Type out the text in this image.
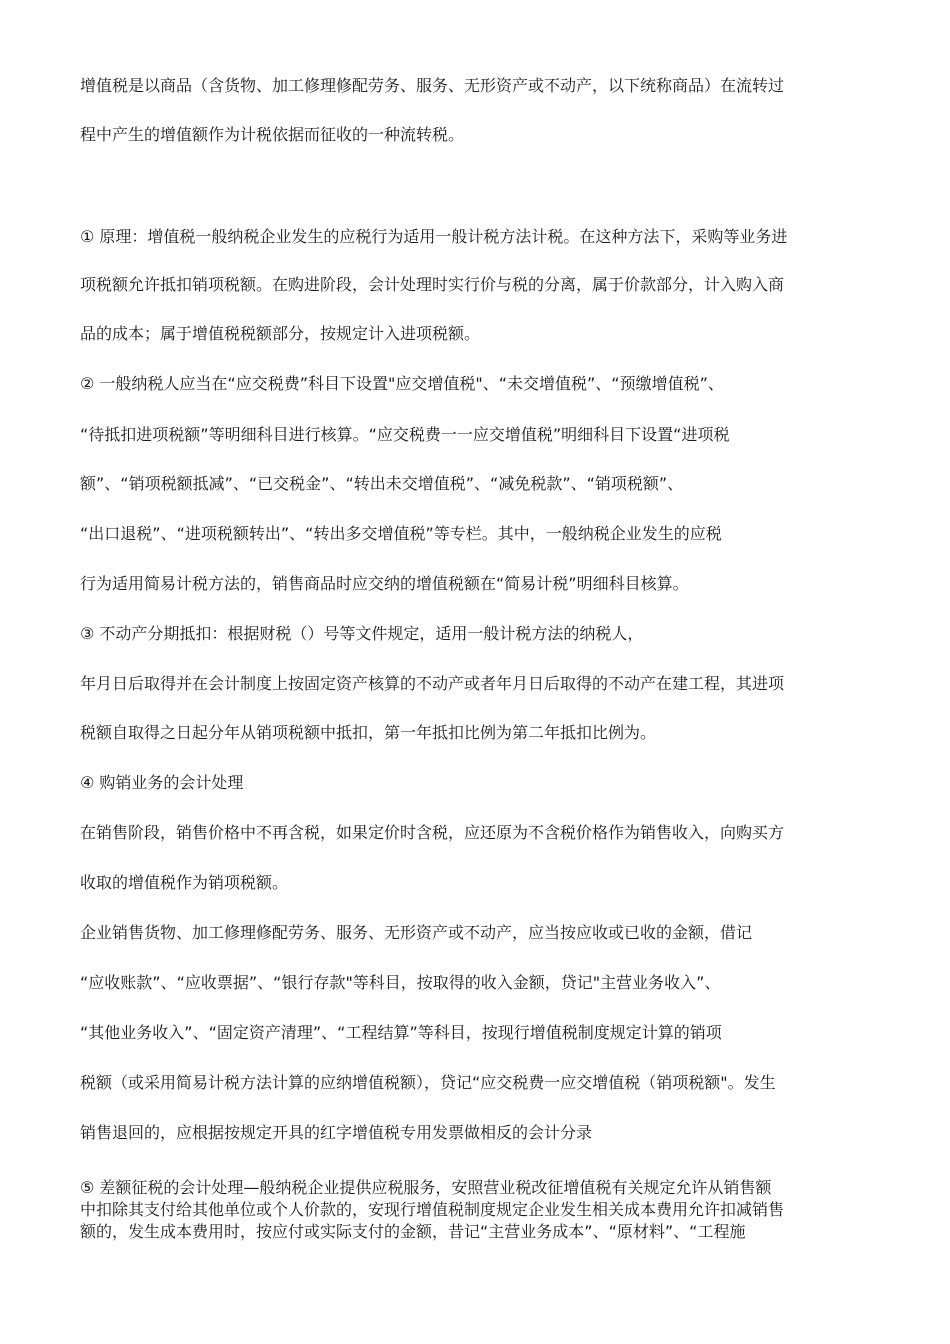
增值税是以商品（含货物、加工修理修配劳务、服务、无形资产或不动产，以下统称商品）在流转过
程中产生的增值额作为计税依据而征收的一种流转税。
① 原理：增值税一般纳税企业发生的应税行为适用一般计税方法计税。在这种方法下，采购等业务进
项税额允许抵扣销项税额。在购进阶段，会计处理时实行价与税的分离，属于价款部分，计入购入商
品的成本；属于增值税税额部分，按规定计入进项税额。
② 一般纳税人应当在“应交税费”科目下设置"应交增值税"、“未交增值税”、“预缴增值税”、
“待抵扣进项税额”等明细科目进行核算。“应交税费一一应交增值税”明细科目下设置“进项税
额”、“销项税额抵减”、“已交税金”、“转出未交增值税”、“减免税款”、“销项税额”、
“出口退税”、“进项税额转出”、“转出多交增值税”等专栏。其中，一般纳税企业发生的应税
行为适用简易计税方法的，销售商品时应交纳的增值税额在“简易计税”明细科目核算。
③ 不动产分期抵扣：根据财税（）号等文件规定，适用一般计税方法的纳税人，
年月日后取得并在会计制度上按固定资产核算的不动产或者年月日后取得的不动产在建工程，其进项
税额自取得之日起分年从销项税额中抵扣，第一年抵扣比例为第二年抵扣比例为。
④ 购销业务的会计处理
在销售阶段，销售价格中不再含税，如果定价时含税，应还原为不含税价格作为销售收入，向购买方
收取的增值税作为销项税额。
企业销售货物、加工修理修配劳务、服务、无形资产或不动产，应当按应收或已收的金额，借记
“应收账款”、“应收票据”、“银行存款"等科目，按取得的收入金额，贷记"主营业务收入”、
“其他业务收入”、“固定资产清理”、“工程结算”等科目，按现行增值税制度规定计算的销项
税额（或采用简易计税方法计算的应纳增值税额），贷记“应交税费一应交增值税（销项税额"。发生
销售退回的，应根据按规定开具的红字增值税专用发票做相反的会计分录
⑤ 差额征税的会计处理—般纳税企业提供应税服务，安照营业税改征增值税有关规定允许从销售额
中扣除其支付给其他单位或个人价款的，安现行增值税制度规定企业发生相关成本费用允许扣减销售
额的，发生成本费用时，按应付或实际支付的金额，昔记“主营业务成本”、“原材料”、“工程施
